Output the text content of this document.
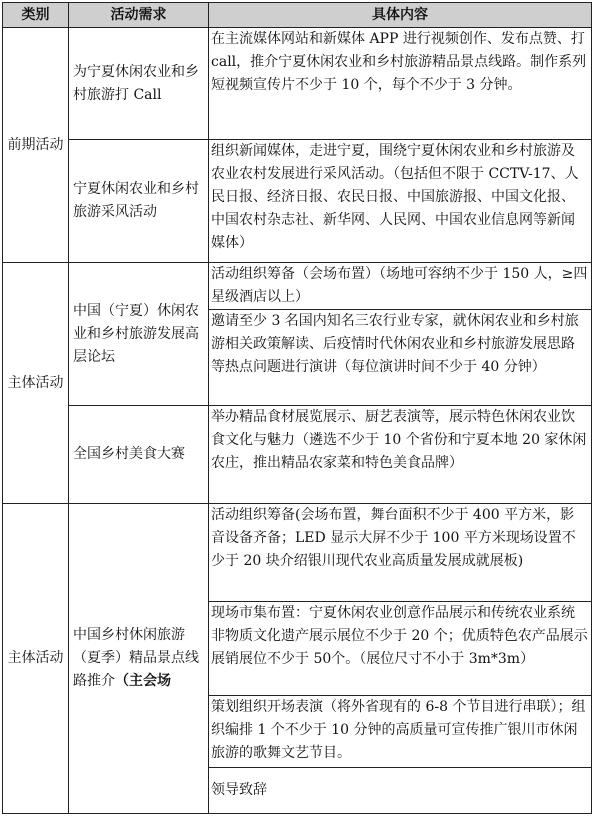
类别	活动需求	具体内容
前期活动	为宁夏休闲农业和乡村旅游打 Call	在主流媒体网站和新媒体 APP 进行视频创作、发布点赞、打 call，推介宁夏休闲农业和乡村旅游精品景点线路。制作系列短视频宣传片不少于 10 个，每个不少于 3 分钟。
	宁夏休闲农业和乡村旅游采风活动	组织新闻媒体，走进宁夏，围绕宁夏休闲农业和乡村旅游及农业农村发展进行采风活动。（包括但不限于 CCTV-17、人民日报、经济日报、农民日报、中国旅游报、中国文化报、中国农村杂志社、新华网、人民网、中国农业信息网等新闻媒体）
主体活动	中国（宁夏）休闲农业和乡村旅游发展高层论坛	活动组织筹备（会场布置）（场地可容纳不少于 150 人，≥四星级酒店以上）
		邀请至少 3 名国内知名三农行业专家，就休闲农业和乡村旅游相关政策解读、后疫情时代休闲农业和乡村旅游发展思路等热点问题进行演讲（每位演讲时间不少于 40 分钟）
	全国乡村美食大赛	举办精品食材展览展示、厨艺表演等，展示特色休闲农业饮食文化与魅力（遴选不少于 10 个省份和宁夏本地 20 家休闲农庄，推出精品农家菜和特色美食品牌）
主体活动	中国乡村休闲旅游（夏季）精品景点线路推介（主会场	活动组织筹备(会场布置，舞台面积不少于 400 平方米，影音设备齐备；LED 显示大屏不少于 100 平方米现场设置不少于 20 块介绍银川现代农业高质量发展成就展板)
		现场市集布置：宁夏休闲农业创意作品展示和传统农业系统非物质文化遗产展示展位不少于 20 个；优质特色农产品展示展销展位不少于 50个。（展位尺寸不小于 3m*3m）
		策划组织开场表演（将外省现有的 6-8 个节目进行串联）；组织编排 1 个不少于 10 分钟的高质量可宣传推广银川市休闲旅游的歌舞文艺节目。
		领导致辞
